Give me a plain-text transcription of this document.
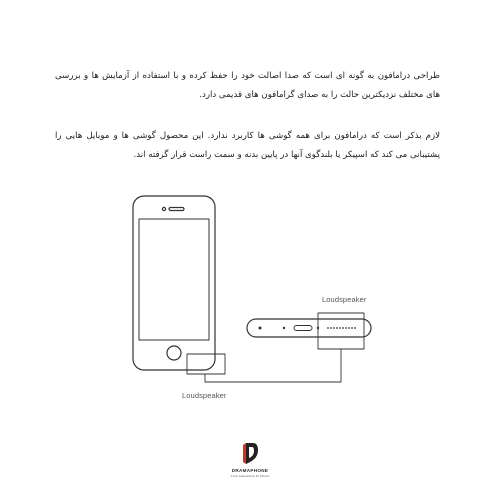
طراحی درامافون به گونه ای است که صدا اصالت خود را حفظ کرده و با استفاده از آزمایش ها و بررسی های مختلف نزدیکترین حالت را به صدای گرامافون های قدیمی دارد.

لازم بذکر است که درامافون برای همه گوشی ها کاربرد ندارد. این محصول گوشی ها و موبایل هایی را پشتیبانی می کند که اسپیکر یا بلندگوی آنها در پایین بدنه و سمت راست قرار گرفته اند.

Loudspeaker
Loudspeaker
DRAMAPHONE
A true Gramophone for Phones
